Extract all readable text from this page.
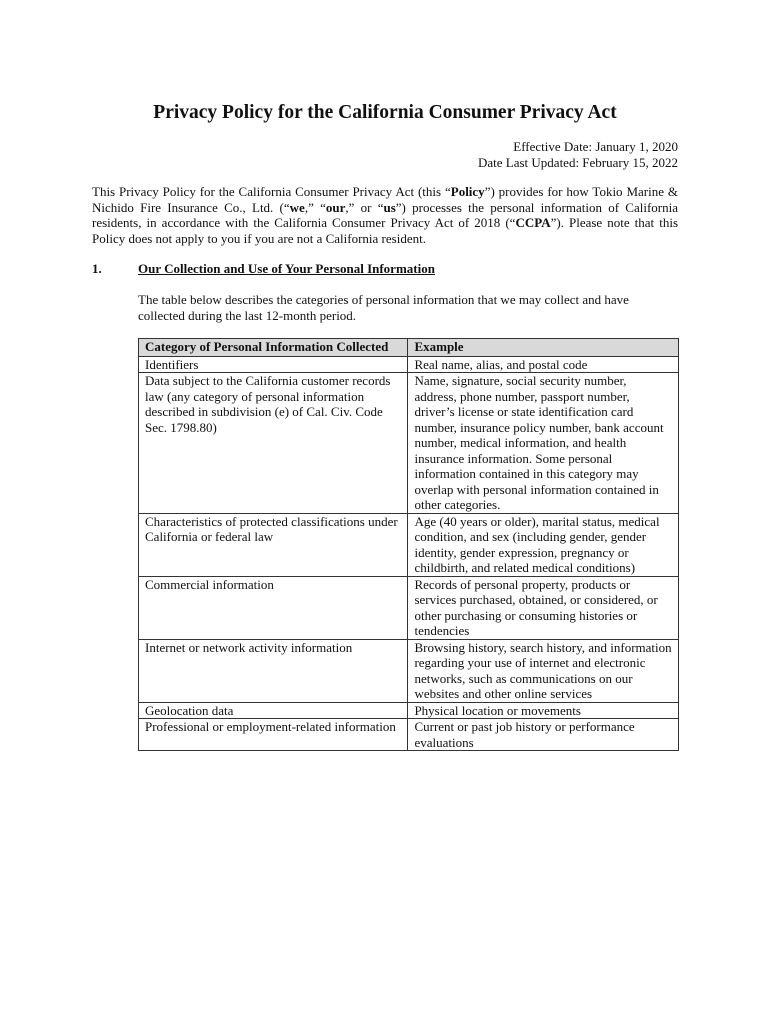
Privacy Policy for the California Consumer Privacy Act
Effective Date: January 1, 2020
Date Last Updated: February 15, 2022
This Privacy Policy for the California Consumer Privacy Act (this “Policy”) provides for how Tokio Marine & Nichido Fire Insurance Co., Ltd. (“we,” “our,” or “us”) processes the personal information of California residents, in accordance with the California Consumer Privacy Act of 2018 (“CCPA”). Please note that this Policy does not apply to you if you are not a California resident.
1.	Our Collection and Use of Your Personal Information
The table below describes the categories of personal information that we may collect and have collected during the last 12-month period.
Category of Personal Information Collected	Example
Identifiers	Real name, alias, and postal code
Data subject to the California customer records law (any category of personal information described in subdivision (e) of Cal. Civ. Code Sec. 1798.80)	Name, signature, social security number, address, phone number, passport number, driver’s license or state identification card number, insurance policy number, bank account number, medical information, and health insurance information. Some personal information contained in this category may overlap with personal information contained in other categories.
Characteristics of protected classifications under California or federal law	Age (40 years or older), marital status, medical condition, and sex (including gender, gender identity, gender expression, pregnancy or childbirth, and related medical conditions)
Commercial information	Records of personal property, products or services purchased, obtained, or considered, or other purchasing or consuming histories or tendencies
Internet or network activity information	Browsing history, search history, and information regarding your use of internet and electronic networks, such as communications on our websites and other online services
Geolocation data	Physical location or movements
Professional or employment-related information	Current or past job history or performance evaluations
